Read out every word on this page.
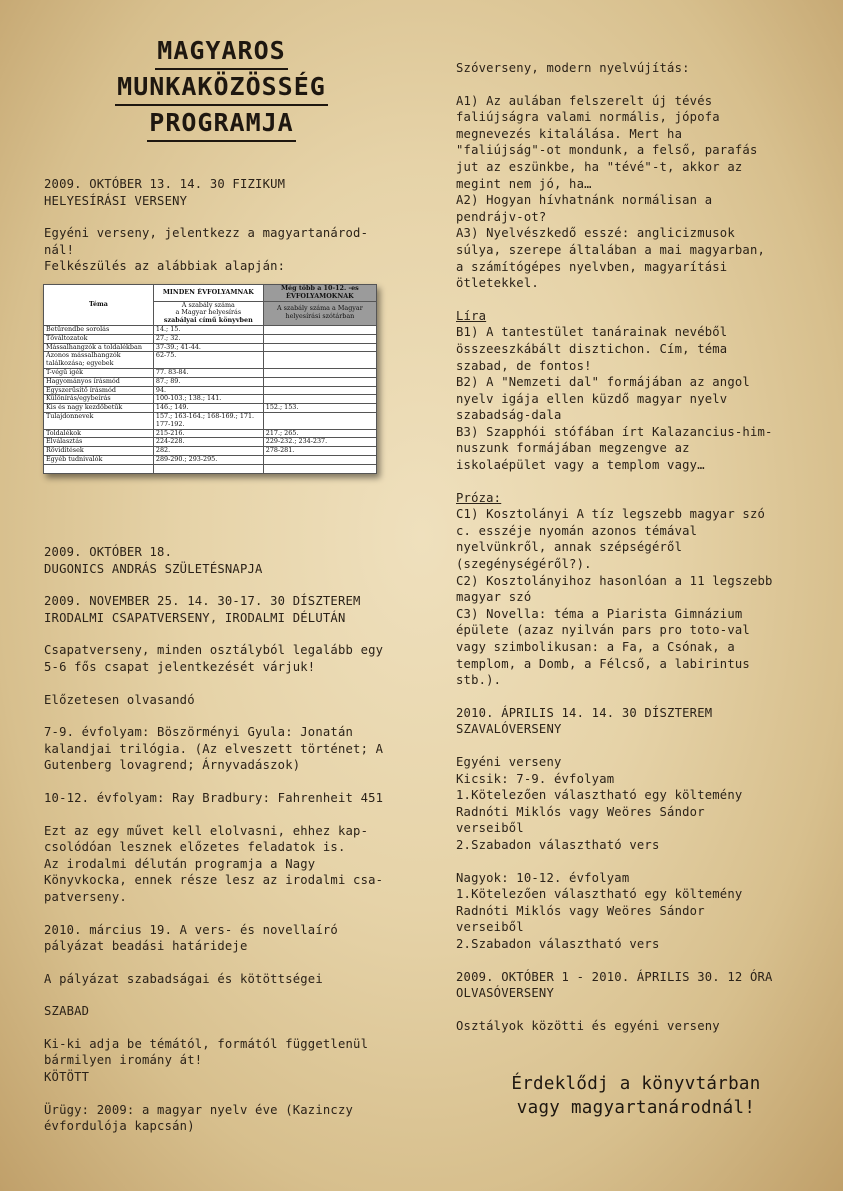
MAGYAROS
MUNKAKÖZÖSSÉG
PROGRAMJA

2009. OKTÓBER 13. 14. 30 FIZIKUM
HELYESÍRÁSI VERSENY

Egyéni verseny, jelentkezz a magyartanárod-
nál!
Felkészülés az alábbiak alapján:

Téma	MINDEN ÉVFOLYAMNAK	Még több a 10-12. -es ÉVFOLYAMOKNAK
	A szabály száma
a Magyar helyesírás
szabályai című könyvben	A szabály száma a Magyar helyesírási szótárban
Betűrendbe sorolás	14.; 15.	
Tőváltozatok	27.; 32.	
Mássalhangzók a toldalékban	37-39.; 41-44.	
Azonos mássalhangzók találkozása; egyebek	62-75.	
T-végű igék	77. 83-84.	
Hagyományos írásmód	87.; 89.	
Egyszerűsítő írásmód	94.	
Különírás/egybeírás	100-103.; 138.; 141.	
Kis és nagy kezdőbetűk	146.; 149.	152.; 153.
Tulajdonnevek	157.; 163-164.; 168-169.; 171. 177-192.	
Toldalékok	215-216.	217.; 265.
Elválasztás	224-228.	229-232.; 234-237.
Rövidítések	282.	278-281.
Egyéb tudnivalók	289-290.; 293-295.	

2009. OKTÓBER 18.
DUGONICS ANDRÁS SZÜLETÉSNAPJA

2009. NOVEMBER 25. 14. 30-17. 30 DÍSZTEREM
IRODALMI CSAPATVERSENY, IRODALMI DÉLUTÁN

Csapatverseny, minden osztályból legalább egy
5-6 fős csapat jelentkezését várjuk!

Előzetesen olvasandó

7-9. évfolyam: Böszörményi Gyula: Jonatán
kalandjai trilógia. (Az elveszett történet; A
Gutenberg lovagrend; Árnyvadászok)

10-12. évfolyam: Ray Bradbury: Fahrenheit 451

Ezt az egy művet kell elolvasni, ehhez kap-
csolódóan lesznek előzetes feladatok is.
Az irodalmi délután programja a Nagy
Könyvkocka, ennek része lesz az irodalmi csa-
patverseny.

2010. március 19. A vers- és novellaíró
pályázat beadási határideje

A pályázat szabadságai és kötöttségei

SZABAD

Ki-ki adja be témától, formától függetlenül
bármilyen iromány át!
KÖTÖTT

Ürügy: 2009: a magyar nyelv éve (Kazinczy
évfordulója kapcsán)

Szóverseny, modern nyelvújítás:

A1) Az aulában felszerelt új tévés
faliújságra valami normális, jópofa
megnevezés kitalálása. Mert ha
"faliújság"-ot mondunk, a felső, parafás
jut az eszünkbe, ha "tévé"-t, akkor az
megint nem jó, ha…
A2) Hogyan hívhatnánk normálisan a
pendrájv-ot?
A3) Nyelvészkedő esszé: anglicizmusok
súlya, szerepe általában a mai magyarban,
a számítógépes nyelvben, magyarítási
ötletekkel.

Líra

B1) A tantestület tanárainak nevéből
összeeszkábált disztichon. Cím, téma
szabad, de fontos!
B2) A "Nemzeti dal" formájában az angol
nyelv igája ellen küzdő magyar nyelv
szabadság-dala
B3) Szapphói stófában írt Kalazancius-him-
nuszunk formájában megzengve az
iskolaépület vagy a templom vagy…

Próza:

C1) Kosztolányi A tíz legszebb magyar szó
c. esszéje nyomán azonos témával
nyelvünkről, annak szépségéről
(szegénységéről?).
C2) Kosztolányihoz hasonlóan a 11 legszebb
magyar szó
C3) Novella: téma a Piarista Gimnázium
épülete (azaz nyilván pars pro toto-val
vagy szimbolikusan: a Fa, a Csónak, a
templom, a Domb, a Félcső, a labirintus
stb.).

2010. ÁPRILIS 14. 14. 30 DÍSZTEREM
SZAVALÓVERSENY

Egyéni verseny
Kicsik: 7-9. évfolyam
1.Kötelezően választható egy költemény
Radnóti Miklós vagy Weöres Sándor
verseiből
2.Szabadon választható vers

Nagyok: 10-12. évfolyam
1.Kötelezően választható egy költemény
Radnóti Miklós vagy Weöres Sándor
verseiből
2.Szabadon választható vers

2009. OKTÓBER 1 - 2010. ÁPRILIS 30. 12 ÓRA
OLVASÓVERSENY

Osztályok közötti és egyéni verseny

Érdeklődj a könyvtárban
vagy magyartanárodnál!
